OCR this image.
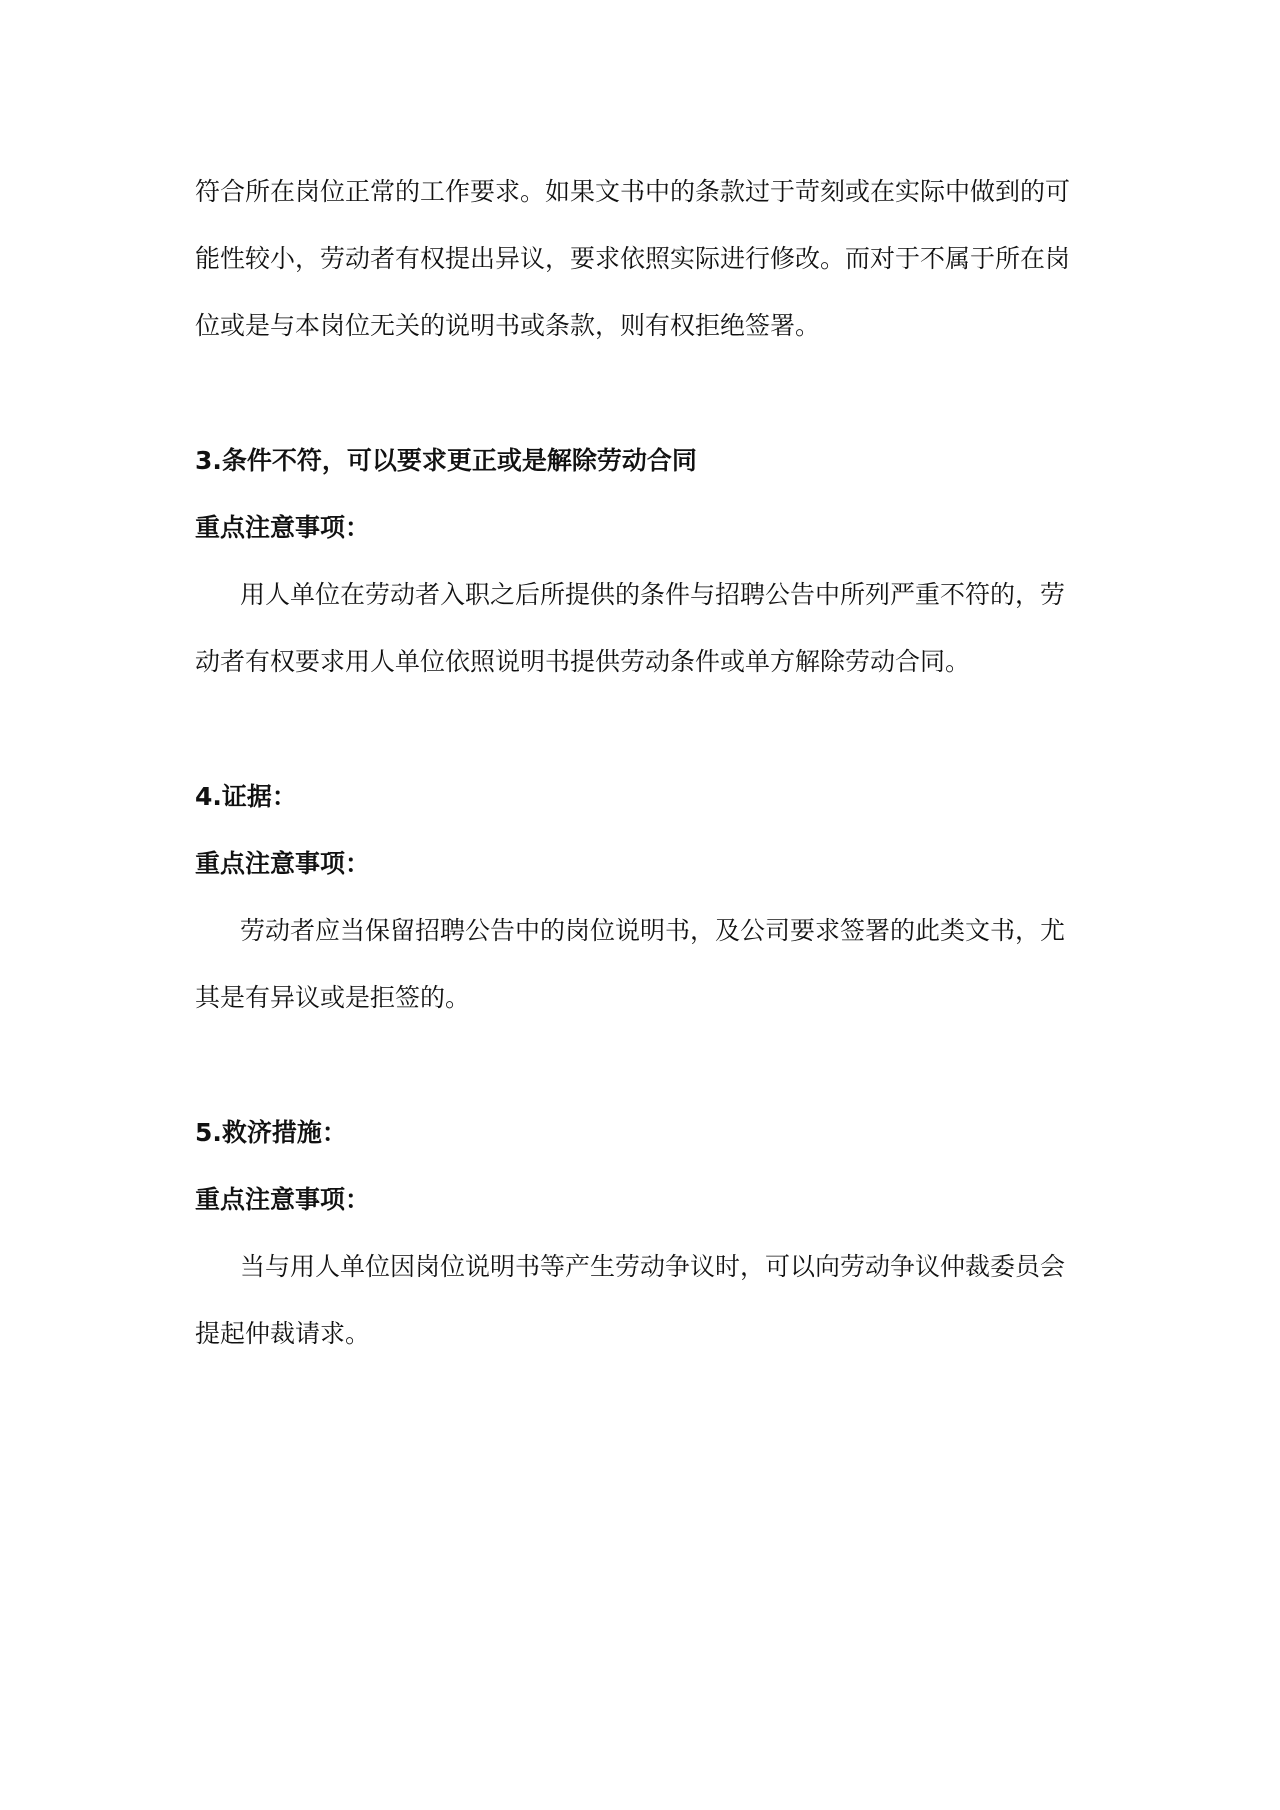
符合所在岗位正常的工作要求。如果文书中的条款过于苛刻或在实际中做到的可
能性较小，劳动者有权提出异议，要求依照实际进行修改。而对于不属于所在岗
位或是与本岗位无关的说明书或条款，则有权拒绝签署。
3.条件不符，可以要求更正或是解除劳动合同
重点注意事项：
用人单位在劳动者入职之后所提供的条件与招聘公告中所列严重不符的，劳
动者有权要求用人单位依照说明书提供劳动条件或单方解除劳动合同。
4.证据：
重点注意事项：
劳动者应当保留招聘公告中的岗位说明书，及公司要求签署的此类文书，尤
其是有异议或是拒签的。
5.救济措施：
重点注意事项：
当与用人单位因岗位说明书等产生劳动争议时，可以向劳动争议仲裁委员会
提起仲裁请求。
